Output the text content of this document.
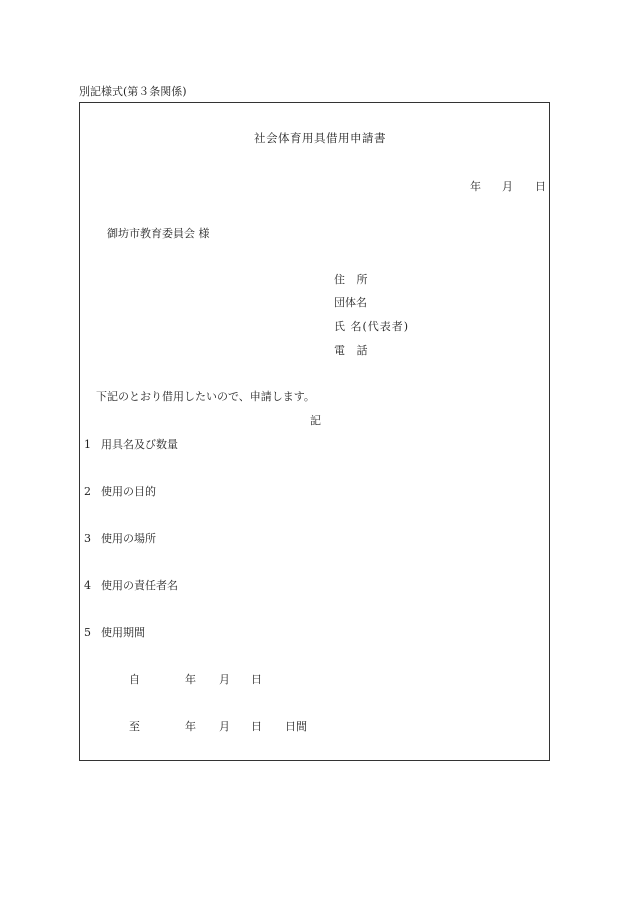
別記様式(第３条関係)
社会体育用具借用申請書
年 月 日
御坊市教育委員会 様
住 所
団体名
氏 名(代表者)
電 話
下記のとおり借用したいので、申請します。
記
1 用具名及び数量
2 使用の目的
3 使用の場所
4 使用の責任者名
5 使用期間
自	年 月 日
至	年 月 日 日間
